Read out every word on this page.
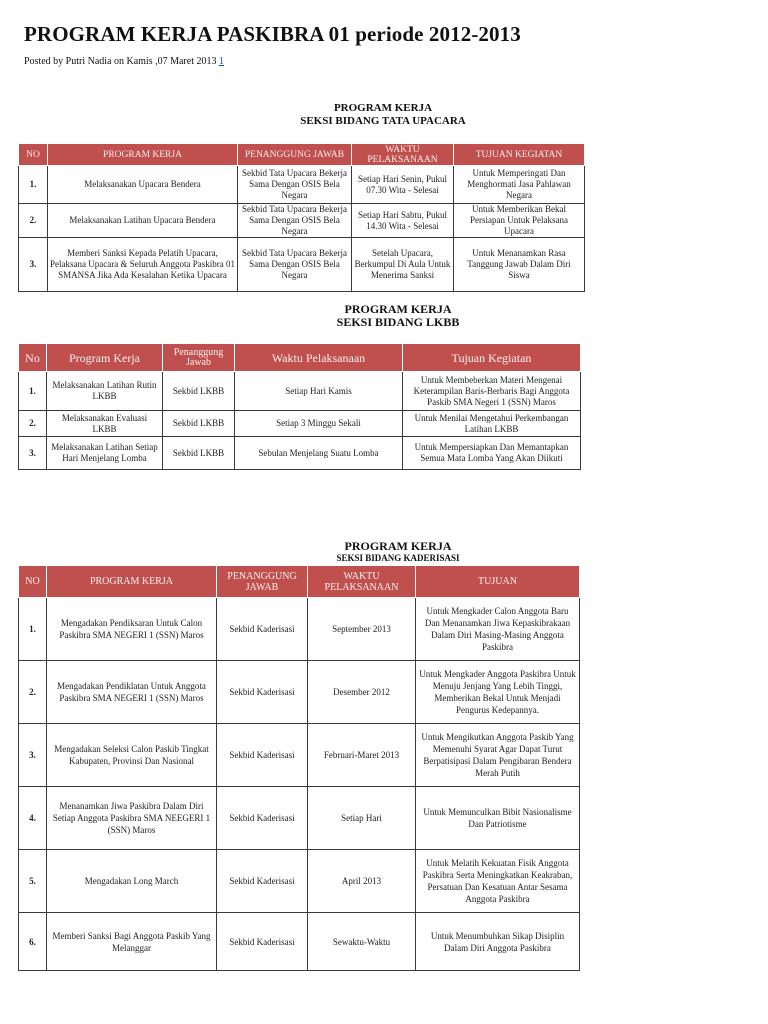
PROGRAM KERJA PASKIBRA 01 periode 2012-2013
Posted by Putri Nadia on Kamis ,07 Maret 2013 1
PROGRAM KERJA
SEKSI BIDANG TATA UPACARA
NO	PROGRAM KERJA	PENANGGUNG JAWAB	WAKTU PELAKSANAAN	TUJUAN KEGIATAN
1.	Melaksanakan Upacara Bendera	Sekbid Tata Upacara Bekerja Sama Dengan OSIS Bela Negara	Setiap Hari Senin, Pukul 07.30 Wita - Selesai	Untuk Memperingati Dan Menghormati Jasa Pahlawan Negara
2.	Melaksanakan Latihan Upacara Bendera	Sekbid Tata Upacara Bekerja Sama Dengan OSIS Bela Negara	Setiap Hari Sabtu, Pukul 14.30 Wita - Selesai	Untuk Memberikan Bekal Persiapan Untuk Pelaksana Upacara
3.	Memberi Sanksi Kepada Pelatih Upacara, Pelaksana Upacara & Seluruh Anggota Paskibra 01 SMANSA Jika Ada Kesalahan Ketika Upacara	Sekbid Tata Upacara Bekerja Sama Dengan OSIS Bela Negara	Setelah Upacara, Berkumpul Di Aula Untuk Menerima Sanksi	Untuk Menanamkan Rasa Tanggung Jawab Dalam Diri Siswa
PROGRAM KERJA
SEKSI BIDANG LKBB
No	Program Kerja	Penanggung Jawab	Waktu Pelaksanaan	Tujuan Kegiatan
1.	Melaksanakan Latihan Rutin LKBB	Sekbid LKBB	Setiap Hari Kamis	Untuk Membeberkan Materi Mengenai Keterampilan Baris-Berbaris Bagi Anggota Paskib SMA Negeri 1 (SSN) Maros
2.	Melaksanakan Evaluasi LKBB	Sekbid LKBB	Setiap 3 Minggu Sekali	Untuk Menilai Mengetahui Perkembangan Latihan LKBB
3.	Melaksanakan Latihan Setiap Hari Menjelang Lomba	Sekbid LKBB	Sebulan Menjelang Suatu Lomba	Untuk Mempersiapkan Dan Memantapkan Semua Mata Lomba Yang Akan Diikuti
PROGRAM KERJA
SEKSI BIDANG KADERISASI
NO	PROGRAM KERJA	PENANGGUNG JAWAB	WAKTU PELAKSANAAN	TUJUAN
1.	Mengadakan Pendiksaran Untuk Calon Paskibra SMA NEGERI 1 (SSN) Maros	Sekbid Kaderisasi	September 2013	Untuk Mengkader Calon Anggota Baru Dan Menanamkan Jiwa Kepaskibrakaan Dalam Diri Masing-Masing Anggota Paskibra
2.	Mengadakan Pendiklatan Untuk Anggota Paskibra SMA NEGERI 1 (SSN) Maros	Sekbid Kaderisasi	Desember 2012	Untuk Mengkader Anggota Paskibra Untuk Menuju Jenjang Yang Lebih Tinggi, Memberikan Bekal Untuk Menjadi Pengurus Kedepannya.
3.	Mengadakan Seleksi Calon Paskib Tingkat Kabupaten, Provinsi Dan Nasional	Sekbid Kaderisasi	Februari-Maret 2013	Untuk Mengikutkan Anggota Paskib Yang Memenuhi Syarat Agar Dapat Turut Berpatisipasi Dalam Pengibaran Bendera Merah Putih
4.	Menanamkan Jiwa Paskibra Dalam Diri Setiap Anggota Paskibra SMA NEEGERI 1 (SSN) Maros	Sekbid Kaderisasi	Setiap Hari	Untuk Memunculkan Bibit Nasionalisme Dan Patriotisme
5.	Mengadakan Long March	Sekbid Kaderisasi	April 2013	Untuk Melatih Kekuatan Fisik Anggota Paskibra Serta Meningkatkan Keakraban, Persatuan Dan Kesatuan Antar Sesama Anggota Paskibra
6.	Memberi Sanksi Bagi Anggota Paskib Yang Melanggar	Sekbid Kaderisasi	Sewaktu-Waktu	Untuk Menumbuhkan Sikap Disiplin Dalam Diri Anggota Paskibra
